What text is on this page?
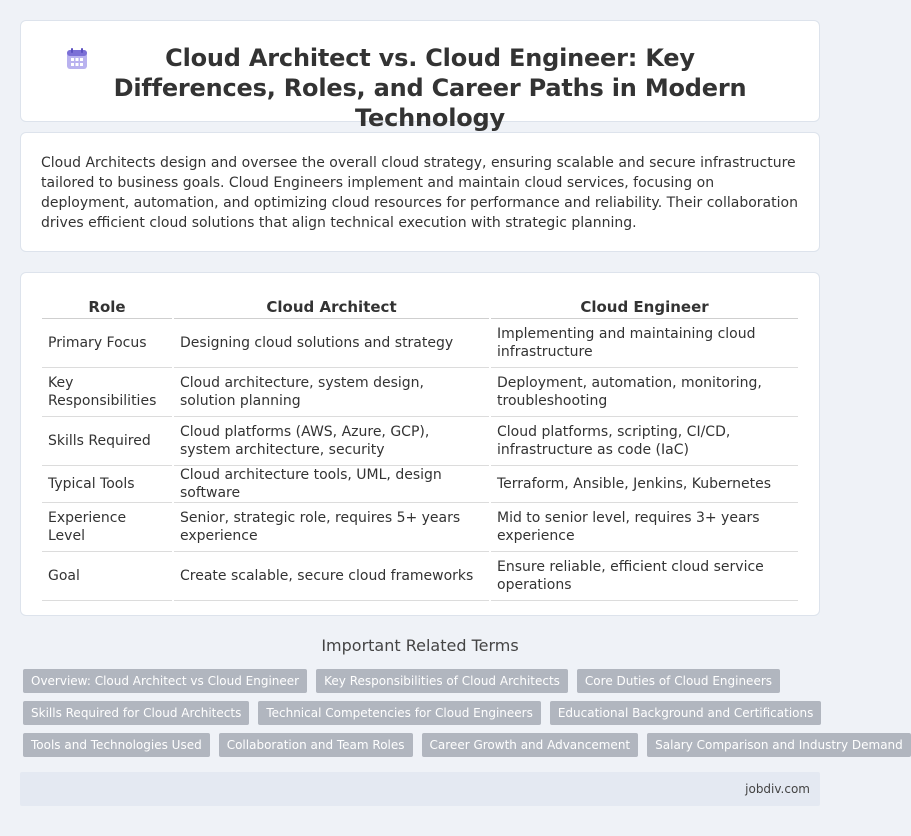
Cloud Architect vs. Cloud Engineer: Key Differences, Roles, and Career Paths in Modern Technology

Cloud Architects design and oversee the overall cloud strategy, ensuring scalable and secure infrastructure tailored to business goals. Cloud Engineers implement and maintain cloud services, focusing on deployment, automation, and optimizing cloud resources for performance and reliability. Their collaboration drives efficient cloud solutions that align technical execution with strategic planning.

Role	Cloud Architect	Cloud Engineer
Primary Focus	Designing cloud solutions and strategy	Implementing and maintaining cloud infrastructure
Key Responsibilities	Cloud architecture, system design, solution planning	Deployment, automation, monitoring, troubleshooting
Skills Required	Cloud platforms (AWS, Azure, GCP), system architecture, security	Cloud platforms, scripting, CI/CD, infrastructure as code (IaC)
Typical Tools	Cloud architecture tools, UML, design software	Terraform, Ansible, Jenkins, Kubernetes
Experience Level	Senior, strategic role, requires 5+ years experience	Mid to senior level, requires 3+ years experience
Goal	Create scalable, secure cloud frameworks	Ensure reliable, efficient cloud service operations
Important Related Terms
Overview: Cloud Architect vs Cloud Engineer	Key Responsibilities of Cloud Architects	Core Duties of Cloud Engineers
Skills Required for Cloud Architects	Technical Competencies for Cloud Engineers	Educational Background and Certifications
Tools and Technologies Used	Collaboration and Team Roles	Career Growth and Advancement	Salary Comparison and Industry Demand
jobdiv.com
